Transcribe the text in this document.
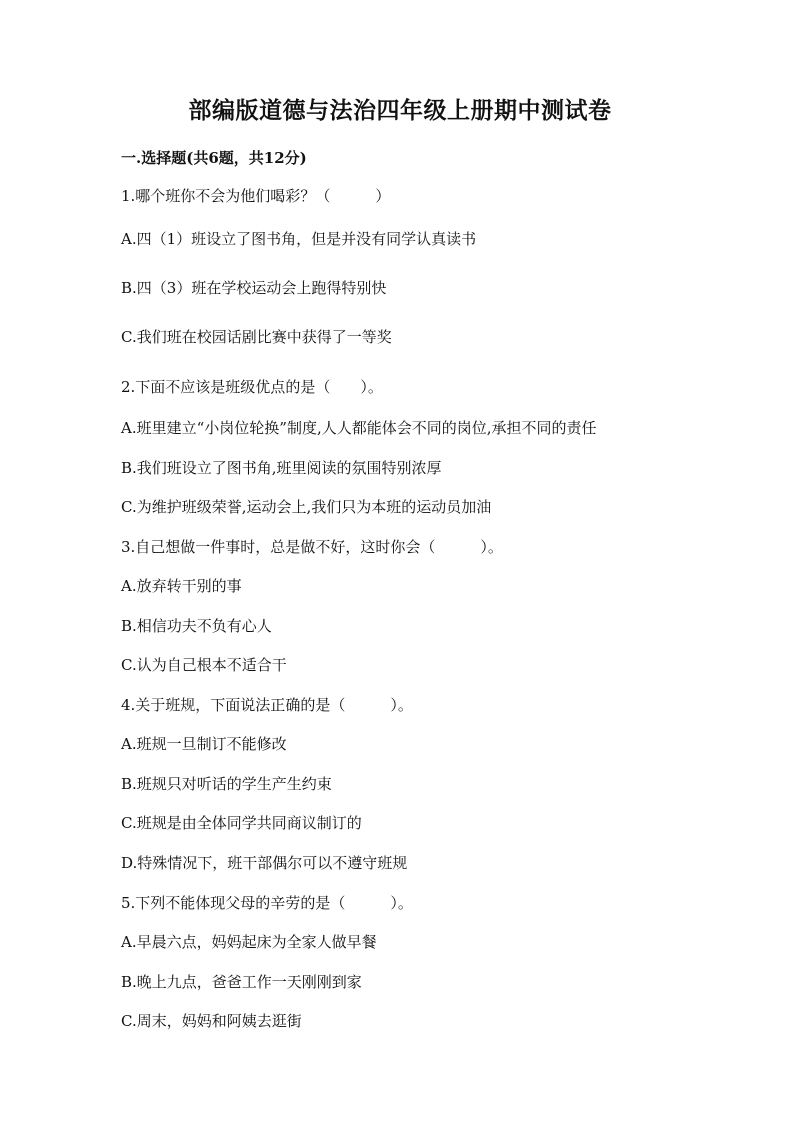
部编版道德与法治四年级上册期中测试卷
一.选择题(共6题，共12分)
1.哪个班你不会为他们喝彩？（　　　）
A.四（1）班设立了图书角，但是并没有同学认真读书
B.四（3）班在学校运动会上跑得特别快
C.我们班在校园话剧比赛中获得了一等奖
2.下面不应该是班级优点的是（　　）。
A.班里建立“小岗位轮换”制度,人人都能体会不同的岗位,承担不同的责任
B.我们班设立了图书角,班里阅读的氛围特别浓厚
C.为维护班级荣誉,运动会上,我们只为本班的运动员加油
3.自己想做一件事时，总是做不好，这时你会（　　　）。
A.放弃转干别的事
B.相信功夫不负有心人
C.认为自己根本不适合干
4.关于班规，下面说法正确的是（　　　）。
A.班规一旦制订不能修改
B.班规只对听话的学生产生约束
C.班规是由全体同学共同商议制订的
D.特殊情况下，班干部偶尔可以不遵守班规
5.下列不能体现父母的辛劳的是（　　　）。
A.早晨六点，妈妈起床为全家人做早餐
B.晚上九点，爸爸工作一天刚刚到家
C.周末，妈妈和阿姨去逛街
